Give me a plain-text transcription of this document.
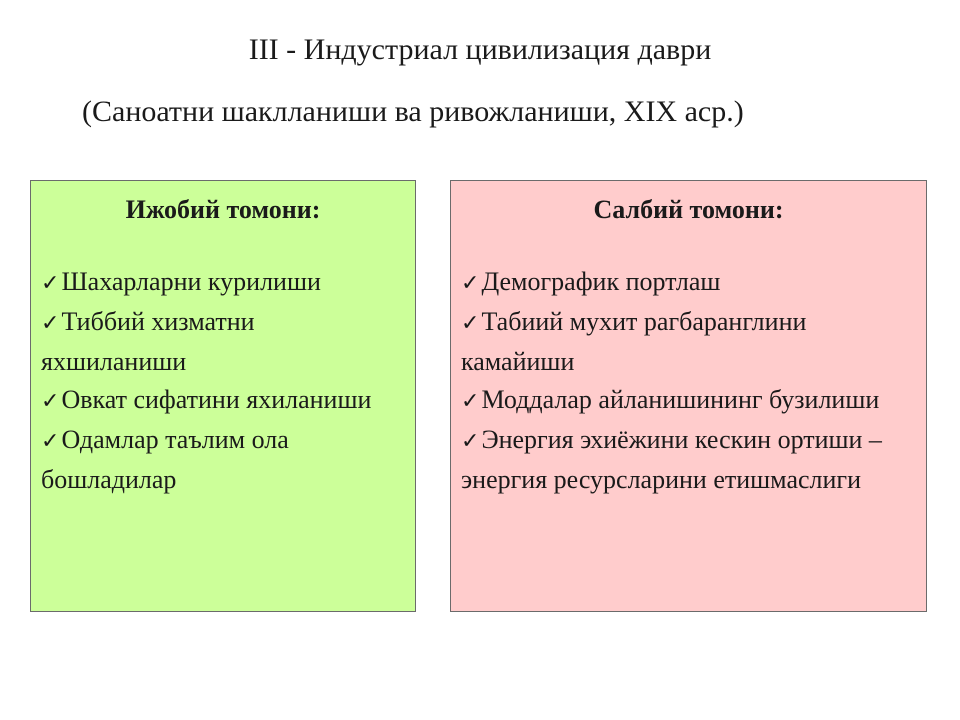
III - Индустриал цивилизация даври
(Саноатни шаклланиши ва ривожланиши, XIX аср.)
Ижобий томони:
✓Шахарларни курилиши
✓Тиббий хизматни яхшиланиши
✓Овкат сифатини яхиланиши
✓Одамлар таълим ола бошладилар
Салбий томони:
✓Демографик портлаш
✓Табиий мухит рагбаранглини камайиши
✓Моддалар айланишининг бузилиши
✓Энергия эхиёжини кескин ортиши – энергия ресурсларини етишмаслиги
